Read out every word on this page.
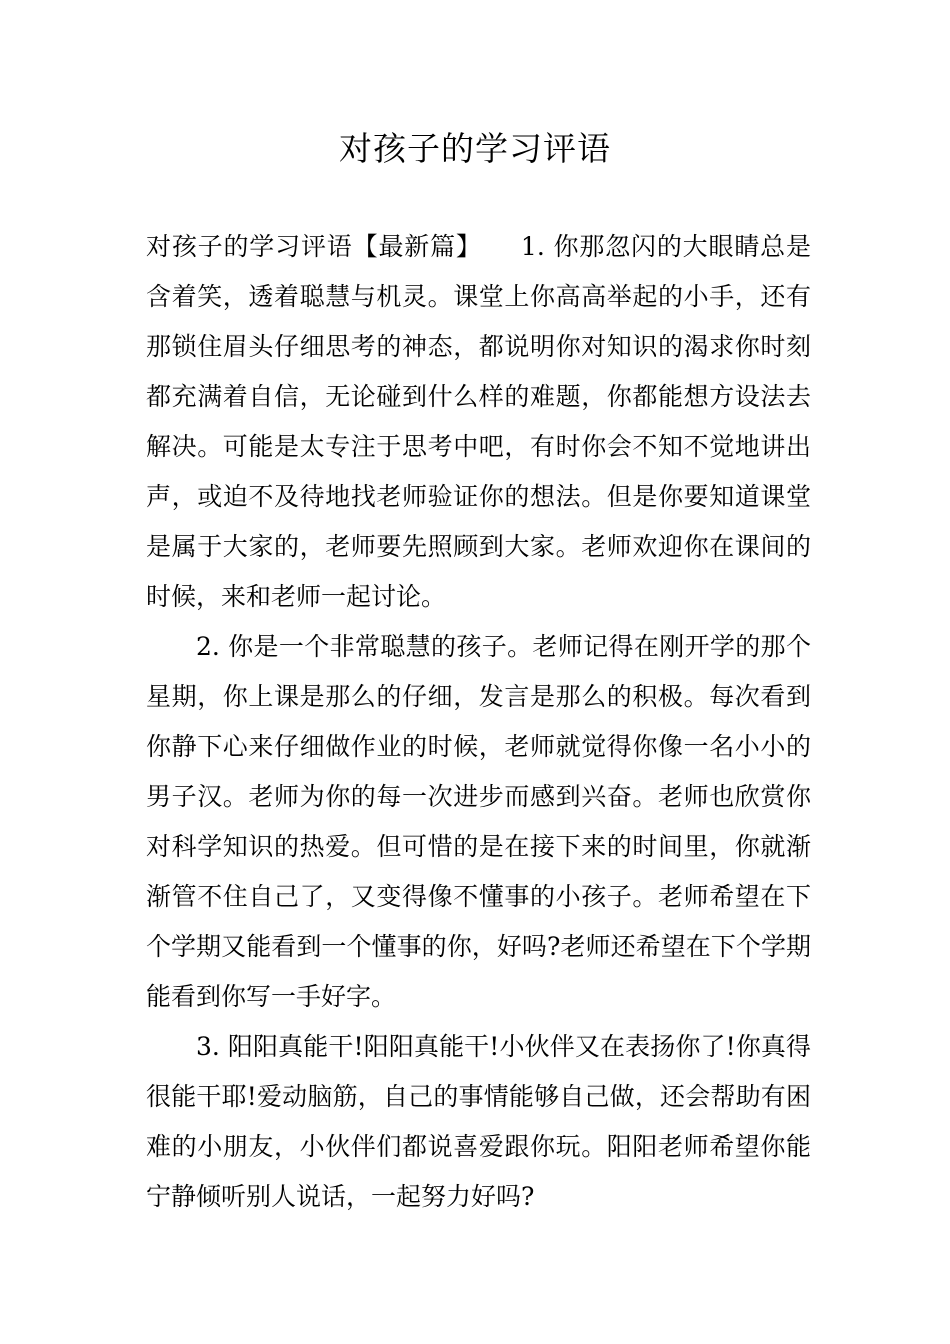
对孩子的学习评语

对孩子的学习评语【最新篇】　　1. 你那忽闪的大眼睛总是含着笑，透着聪慧与机灵。课堂上你高高举起的小手，还有那锁住眉头仔细思考的神态，都说明你对知识的渴求你时刻都充满着自信，无论碰到什么样的难题，你都能想方设法去解决。可能是太专注于思考中吧，有时你会不知不觉地讲出声，或迫不及待地找老师验证你的想法。但是你要知道课堂是属于大家的，老师要先照顾到大家。老师欢迎你在课间的时候，来和老师一起讨论。

2. 你是一个非常聪慧的孩子。老师记得在刚开学的那个星期，你上课是那么的仔细，发言是那么的积极。每次看到你静下心来仔细做作业的时候，老师就觉得你像一名小小的男子汉。老师为你的每一次进步而感到兴奋。老师也欣赏你对科学知识的热爱。但可惜的是在接下来的时间里，你就渐渐管不住自己了，又变得像不懂事的小孩子。老师希望在下个学期又能看到一个懂事的你，好吗?老师还希望在下个学期能看到你写一手好字。

3. 阳阳真能干!阳阳真能干!小伙伴又在表扬你了!你真得很能干耶!爱动脑筋，自己的事情能够自己做，还会帮助有困难的小朋友，小伙伴们都说喜爱跟你玩。阳阳老师希望你能宁静倾听别人说话，一起努力好吗?
